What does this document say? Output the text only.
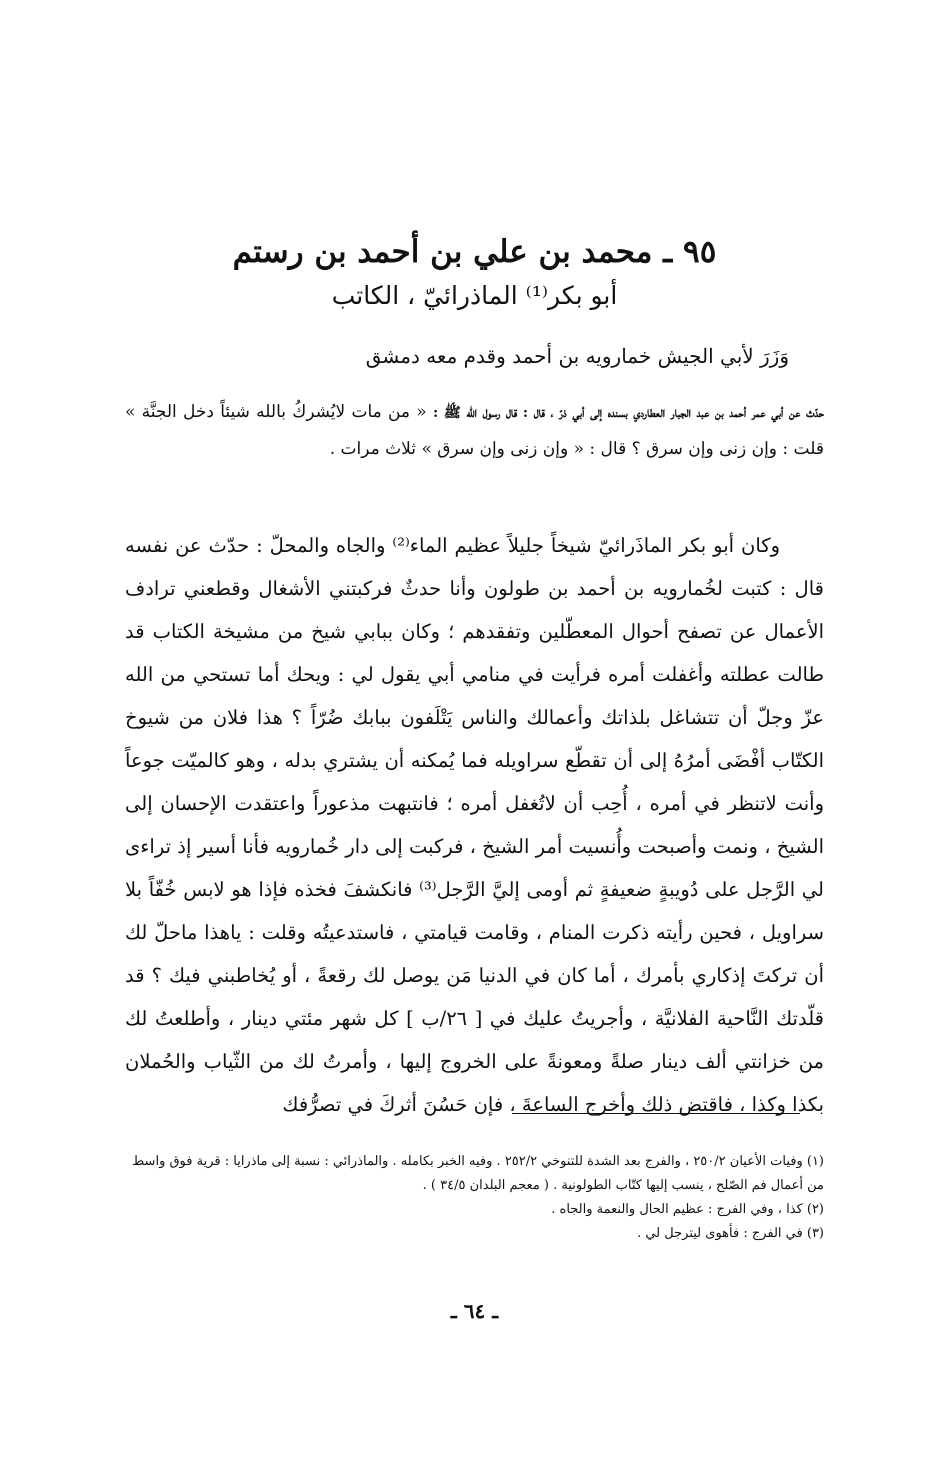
٩٥ ـ محمد بن علي بن أحمد بن رستم
أبو بكر⁽¹⁾ الماذرائيّ ، الكاتب
وَزَرَ لأبي الجيش خمارويه بن أحمد وقدم معه دمشق
حدّث عن أبي عمر أحمد بن عبد الجبار العطاردي بسنده إلى أبي ذرّ ، قال : قال رسول الله ﷺ : « من مات لايُشركُ بالله شيئاً دخل الجنَّة » قلت : وإن زنى وإن سرق ؟ قال : « وإن زنى وإن سرق » ثلاث مرات .

وكان أبو بكر الماذَرائيّ شيخاً جليلاً عظيم الماء⁽²⁾ والجاه والمحلّ : حدّث عن نفسه قال : كتبت لخُمارويه بن أحمد بن طولون وأنا حدثٌ فركبتني الأشغال وقطعني ترادف الأعمال عن تصفح أحوال المعطّلين وتفقدهم ؛ وكان ببابي شيخ من مشيخة الكتاب قد طالت عطلته وأغفلت أمره فرأيت في منامي أبي يقول لي : ويحك أما تستحي من الله عزّ وجلّ أن تتشاغل بلذاتك وأعمالك والناس يَتْلَفون ببابك ضُرّاً ؟ هذا فلان من شيوخ الكتّاب أفْضَى أمرُهُ إلى أن تقطّع سراويله فما يُمكنه أن يشتري بدله ، وهو كالميّت جوعاً وأنت لاتنظر في أمره ، أُحِب أن لاتُغفل أمره ؛ فانتبهت مذعوراً واعتقدت الإحسان إلى الشيخ ، ونمت وأصبحت وأُنسيت أمر الشيخ ، فركبت إلى دار خُمارويه فأنا أسير إذ تراءى لي الرَّجل على دُويبةٍ ضعيفةٍ ثم أومى إليَّ الرَّجل⁽³⁾ فانكشفَ فخذه فإذا هو لابس خُفّاً بلا سراويل ، فحين رأيته ذكرت المنام ، وقامت قيامتي ، فاستدعيتُه وقلت : ياهذا ماحلّ لك أن تركتَ إذكاري بأمرك ، أما كان في الدنيا مَن يوصل لك رقعةً ، أو يُخاطبني فيك ؟ قد قلّدتك النَّاحية الفلانيَّة ، وأجريتُ عليك في [ ٢٦/ب ] كل شهر مئتي دينار ، وأطلعتُ لك من خزانتي ألف دينار صلةً ومعونةً على الخروج إليها ، وأمرتُ لك من الثّياب والحُملان بكذا وكذا ، فاقتض ذلك وأخرج الساعةَ ، فإن حَسُنَ أثركَ في تصرُّفك

(١) وفيات الأعيان ٢٥٠/٢ ، والفرج بعد الشدة للتنوخي ٢٥٢/٢ . وفيه الخبر بكامله . والماذرائي : نسبة إلى ماذرايا : قرية فوق واسط من أعمال فم الصّلح ، ينسب إليها كتّاب الطولونية . ( معجم البلدان ٣٤/٥ ) .

(٢) كذا ، وفي الفرج : عظيم الحال والنعمة والجاه .

(٣) في الفرج : فأهوى ليترجل لي .

ـ ٦٤ ـ
